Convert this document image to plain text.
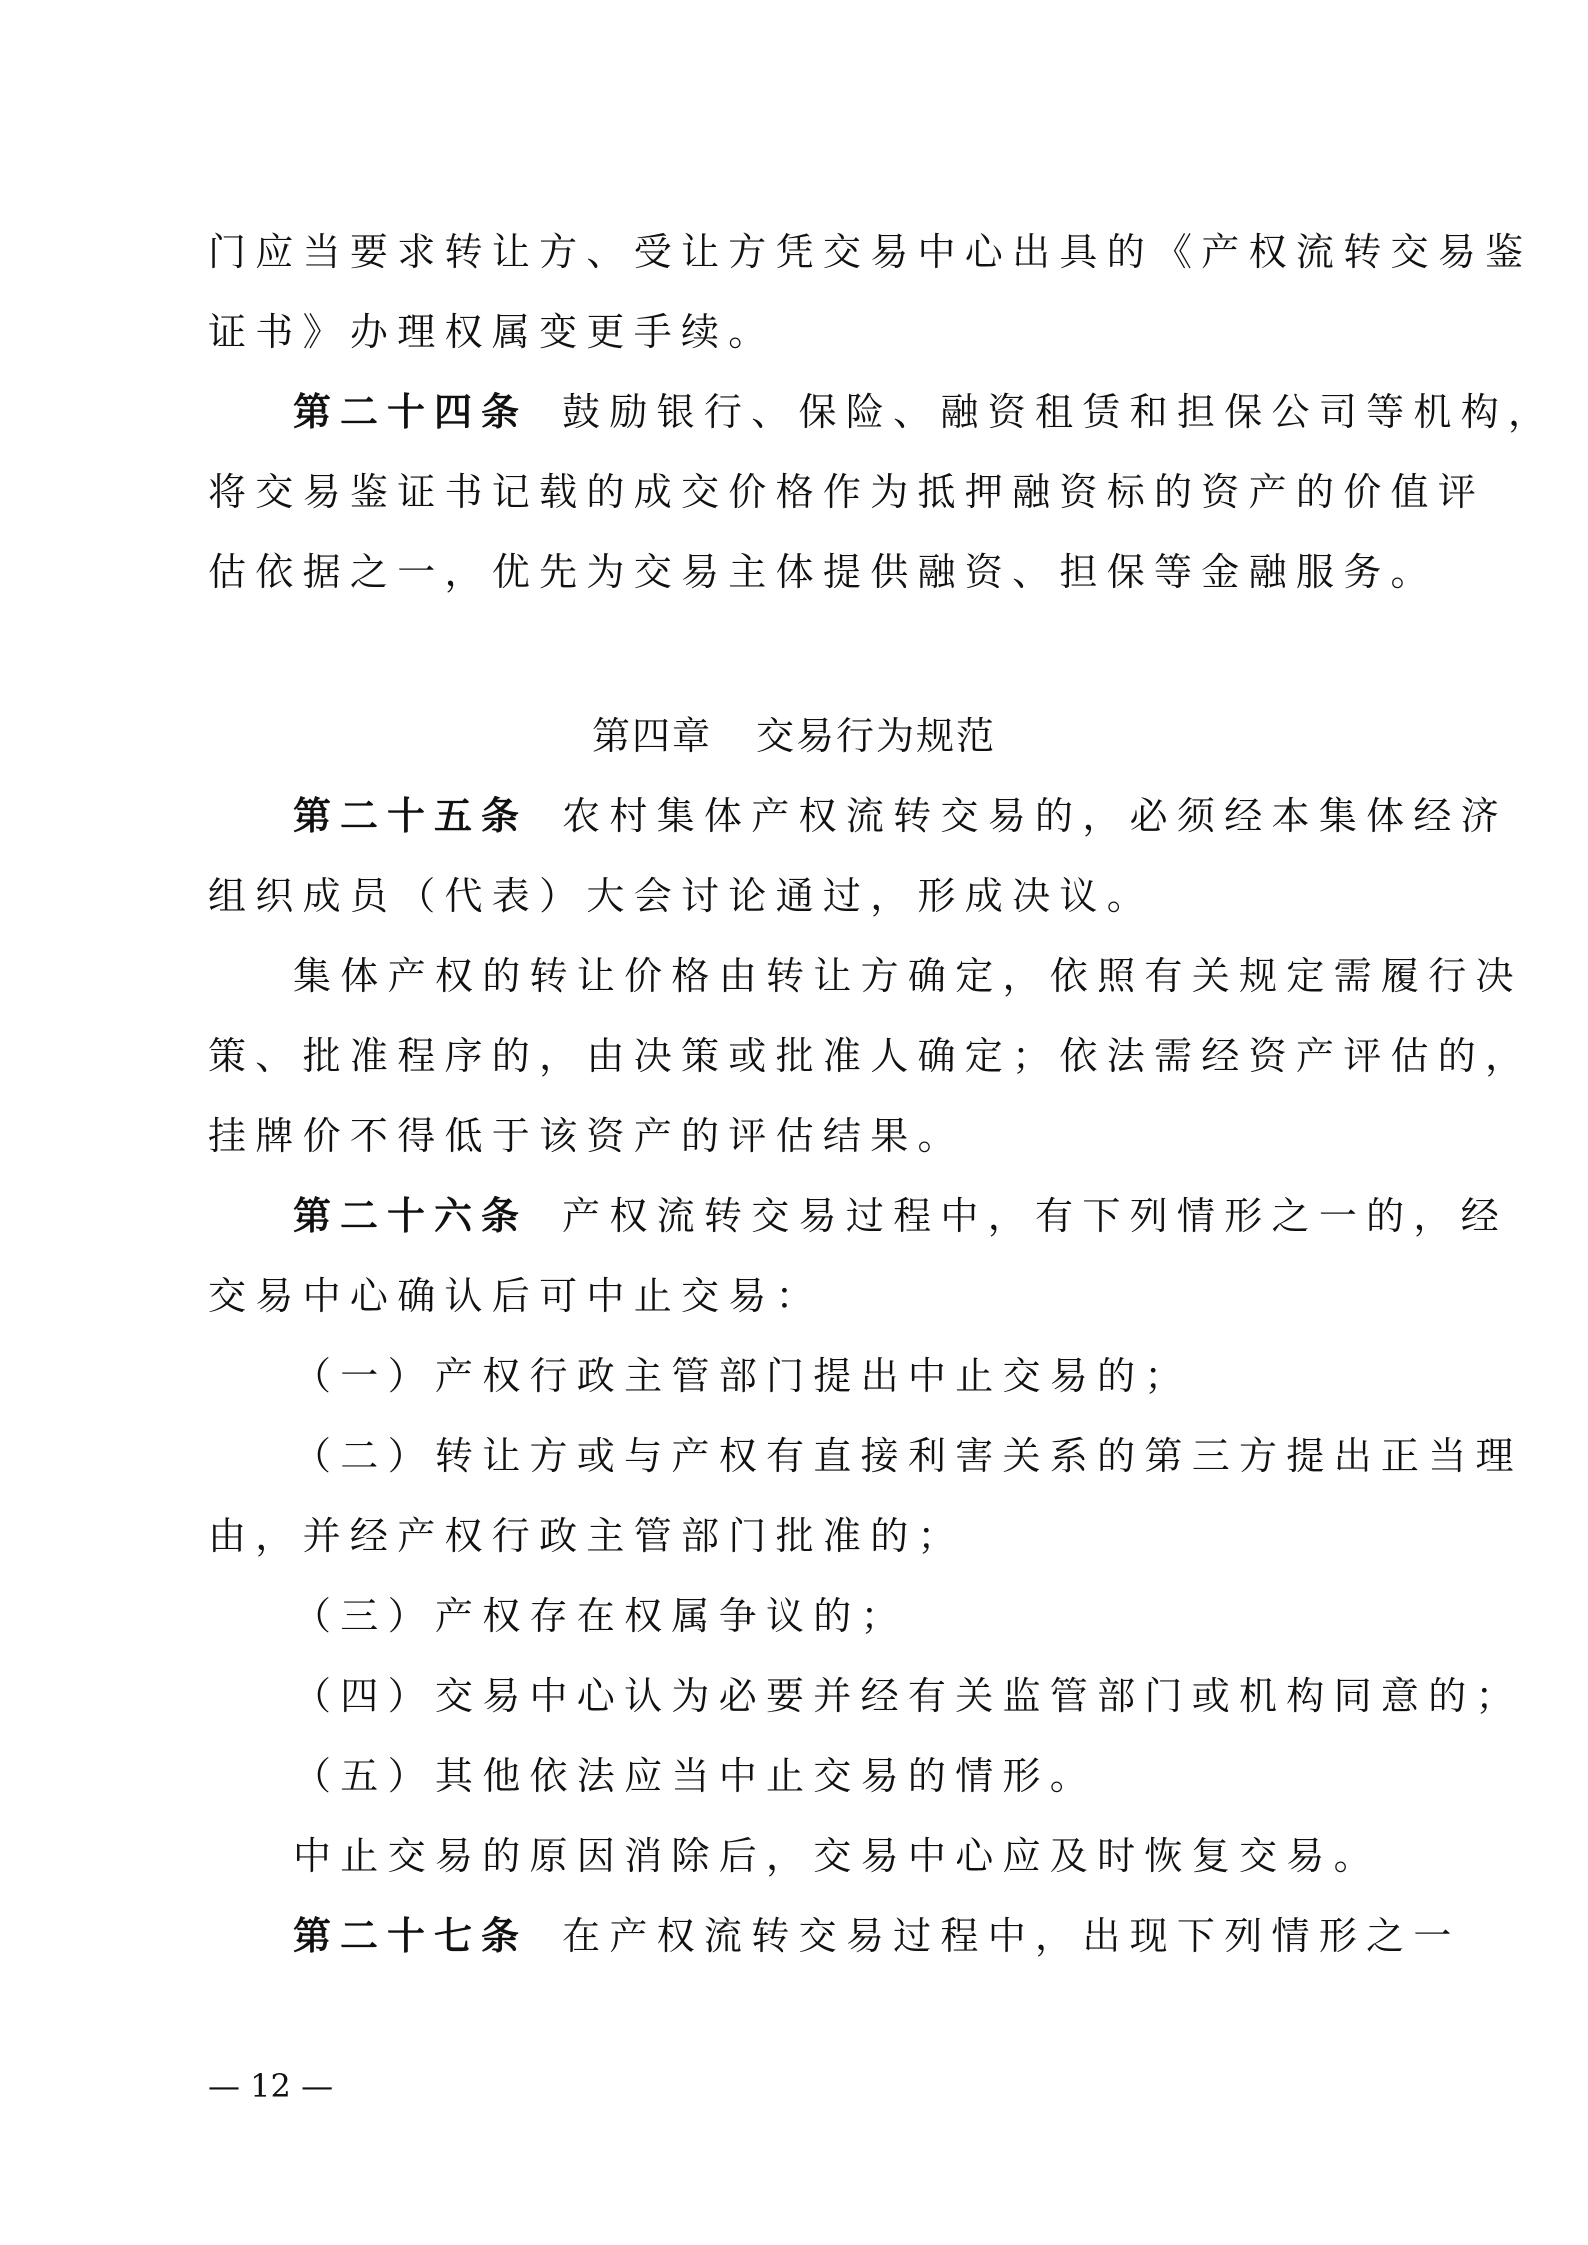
门应当要求转让方、受让方凭交易中心出具的《产权流转交易鉴
证书》办理权属变更手续。
第二十四条 鼓励银行、保险、融资租赁和担保公司等机构，
将交易鉴证书记载的成交价格作为抵押融资标的资产的价值评
估依据之一，优先为交易主体提供融资、担保等金融服务。
第四章 交易行为规范
第二十五条 农村集体产权流转交易的，必须经本集体经济
组织成员（代表）大会讨论通过，形成决议。
集体产权的转让价格由转让方确定，依照有关规定需履行决
策、批准程序的，由决策或批准人确定；依法需经资产评估的，
挂牌价不得低于该资产的评估结果。
第二十六条 产权流转交易过程中，有下列情形之一的，经
交易中心确认后可中止交易：
（一）产权行政主管部门提出中止交易的；
（二）转让方或与产权有直接利害关系的第三方提出正当理
由，并经产权行政主管部门批准的；
（三）产权存在权属争议的；
（四）交易中心认为必要并经有关监管部门或机构同意的；
（五）其他依法应当中止交易的情形。
中止交易的原因消除后，交易中心应及时恢复交易。
第二十七条 在产权流转交易过程中，出现下列情形之一
— 12 —
